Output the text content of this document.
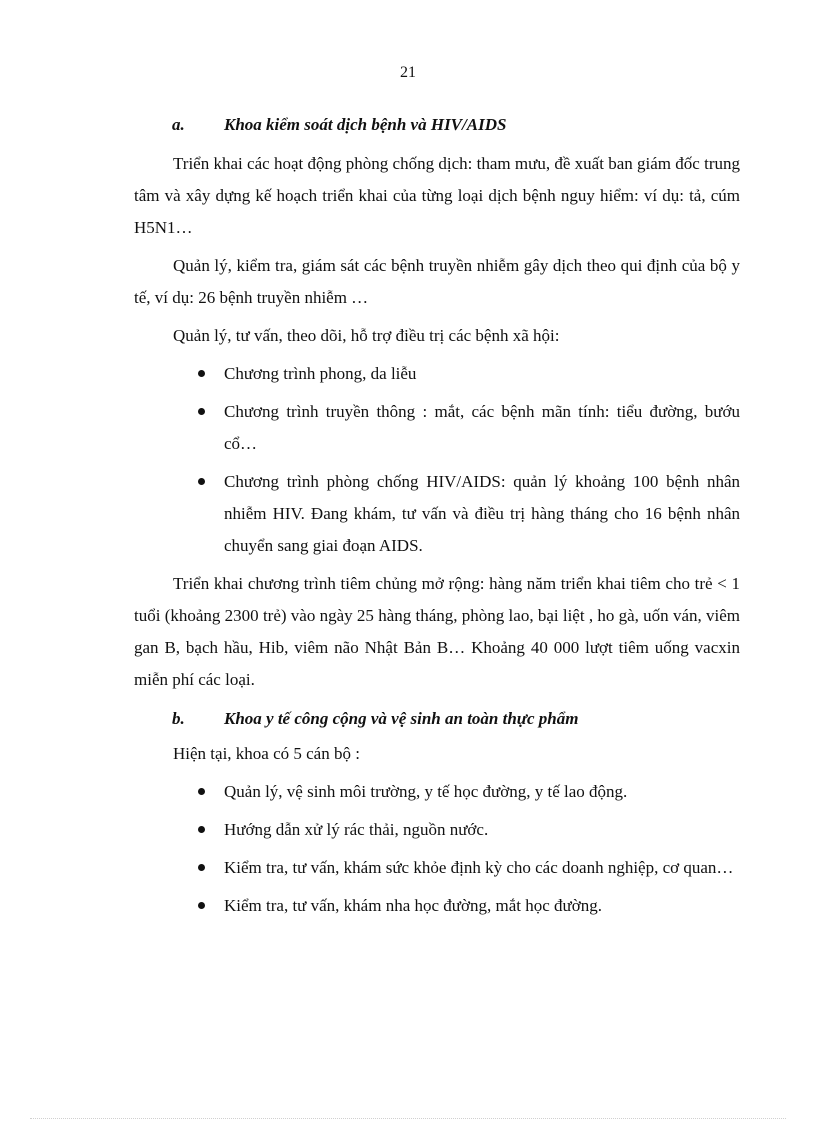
21
a.	Khoa kiểm soát dịch bệnh và HIV/AIDS

Triển khai các hoạt động phòng chống dịch: tham mưu, đề xuất ban giám đốc trung tâm và xây dựng kế hoạch triển khai của từng loại dịch bệnh nguy hiểm: ví dụ: tả, cúm H5N1…

Quản lý, kiểm tra, giám sát các bệnh truyền nhiễm gây dịch theo qui định của bộ y tế, ví dụ: 26 bệnh truyền nhiễm …

Quản lý, tư vấn, theo dõi, hỗ trợ điều trị các bệnh xã hội:

Chương trình phong, da liễu
Chương trình truyền thông : mắt, các bệnh mãn tính: tiểu đường, bướu cổ…
Chương trình phòng chống HIV/AIDS: quản lý khoảng 100 bệnh nhân nhiễm HIV. Đang khám, tư vấn và điều trị hàng tháng cho 16 bệnh nhân chuyển sang giai đoạn AIDS.

Triển khai chương trình tiêm chủng mở rộng: hàng năm triển khai tiêm cho trẻ < 1 tuổi (khoảng 2300 trẻ) vào ngày 25 hàng tháng, phòng lao, bại liệt , ho gà, uốn ván, viêm gan B, bạch hầu, Hib, viêm não Nhật Bản B… Khoảng 40 000 lượt tiêm uống vacxin miễn phí các loại.

b.	Khoa y tế công cộng và vệ sinh an toàn thực phẩm

Hiện tại, khoa có 5 cán bộ :

Quản lý, vệ sinh môi trường, y tế học đường, y tế lao động.
Hướng dẫn xử lý rác thải, nguồn nước.
Kiểm tra, tư vấn, khám sức khỏe định kỳ cho các doanh nghiệp, cơ quan…
Kiểm tra, tư vấn, khám nha học đường, mắt học đường.
